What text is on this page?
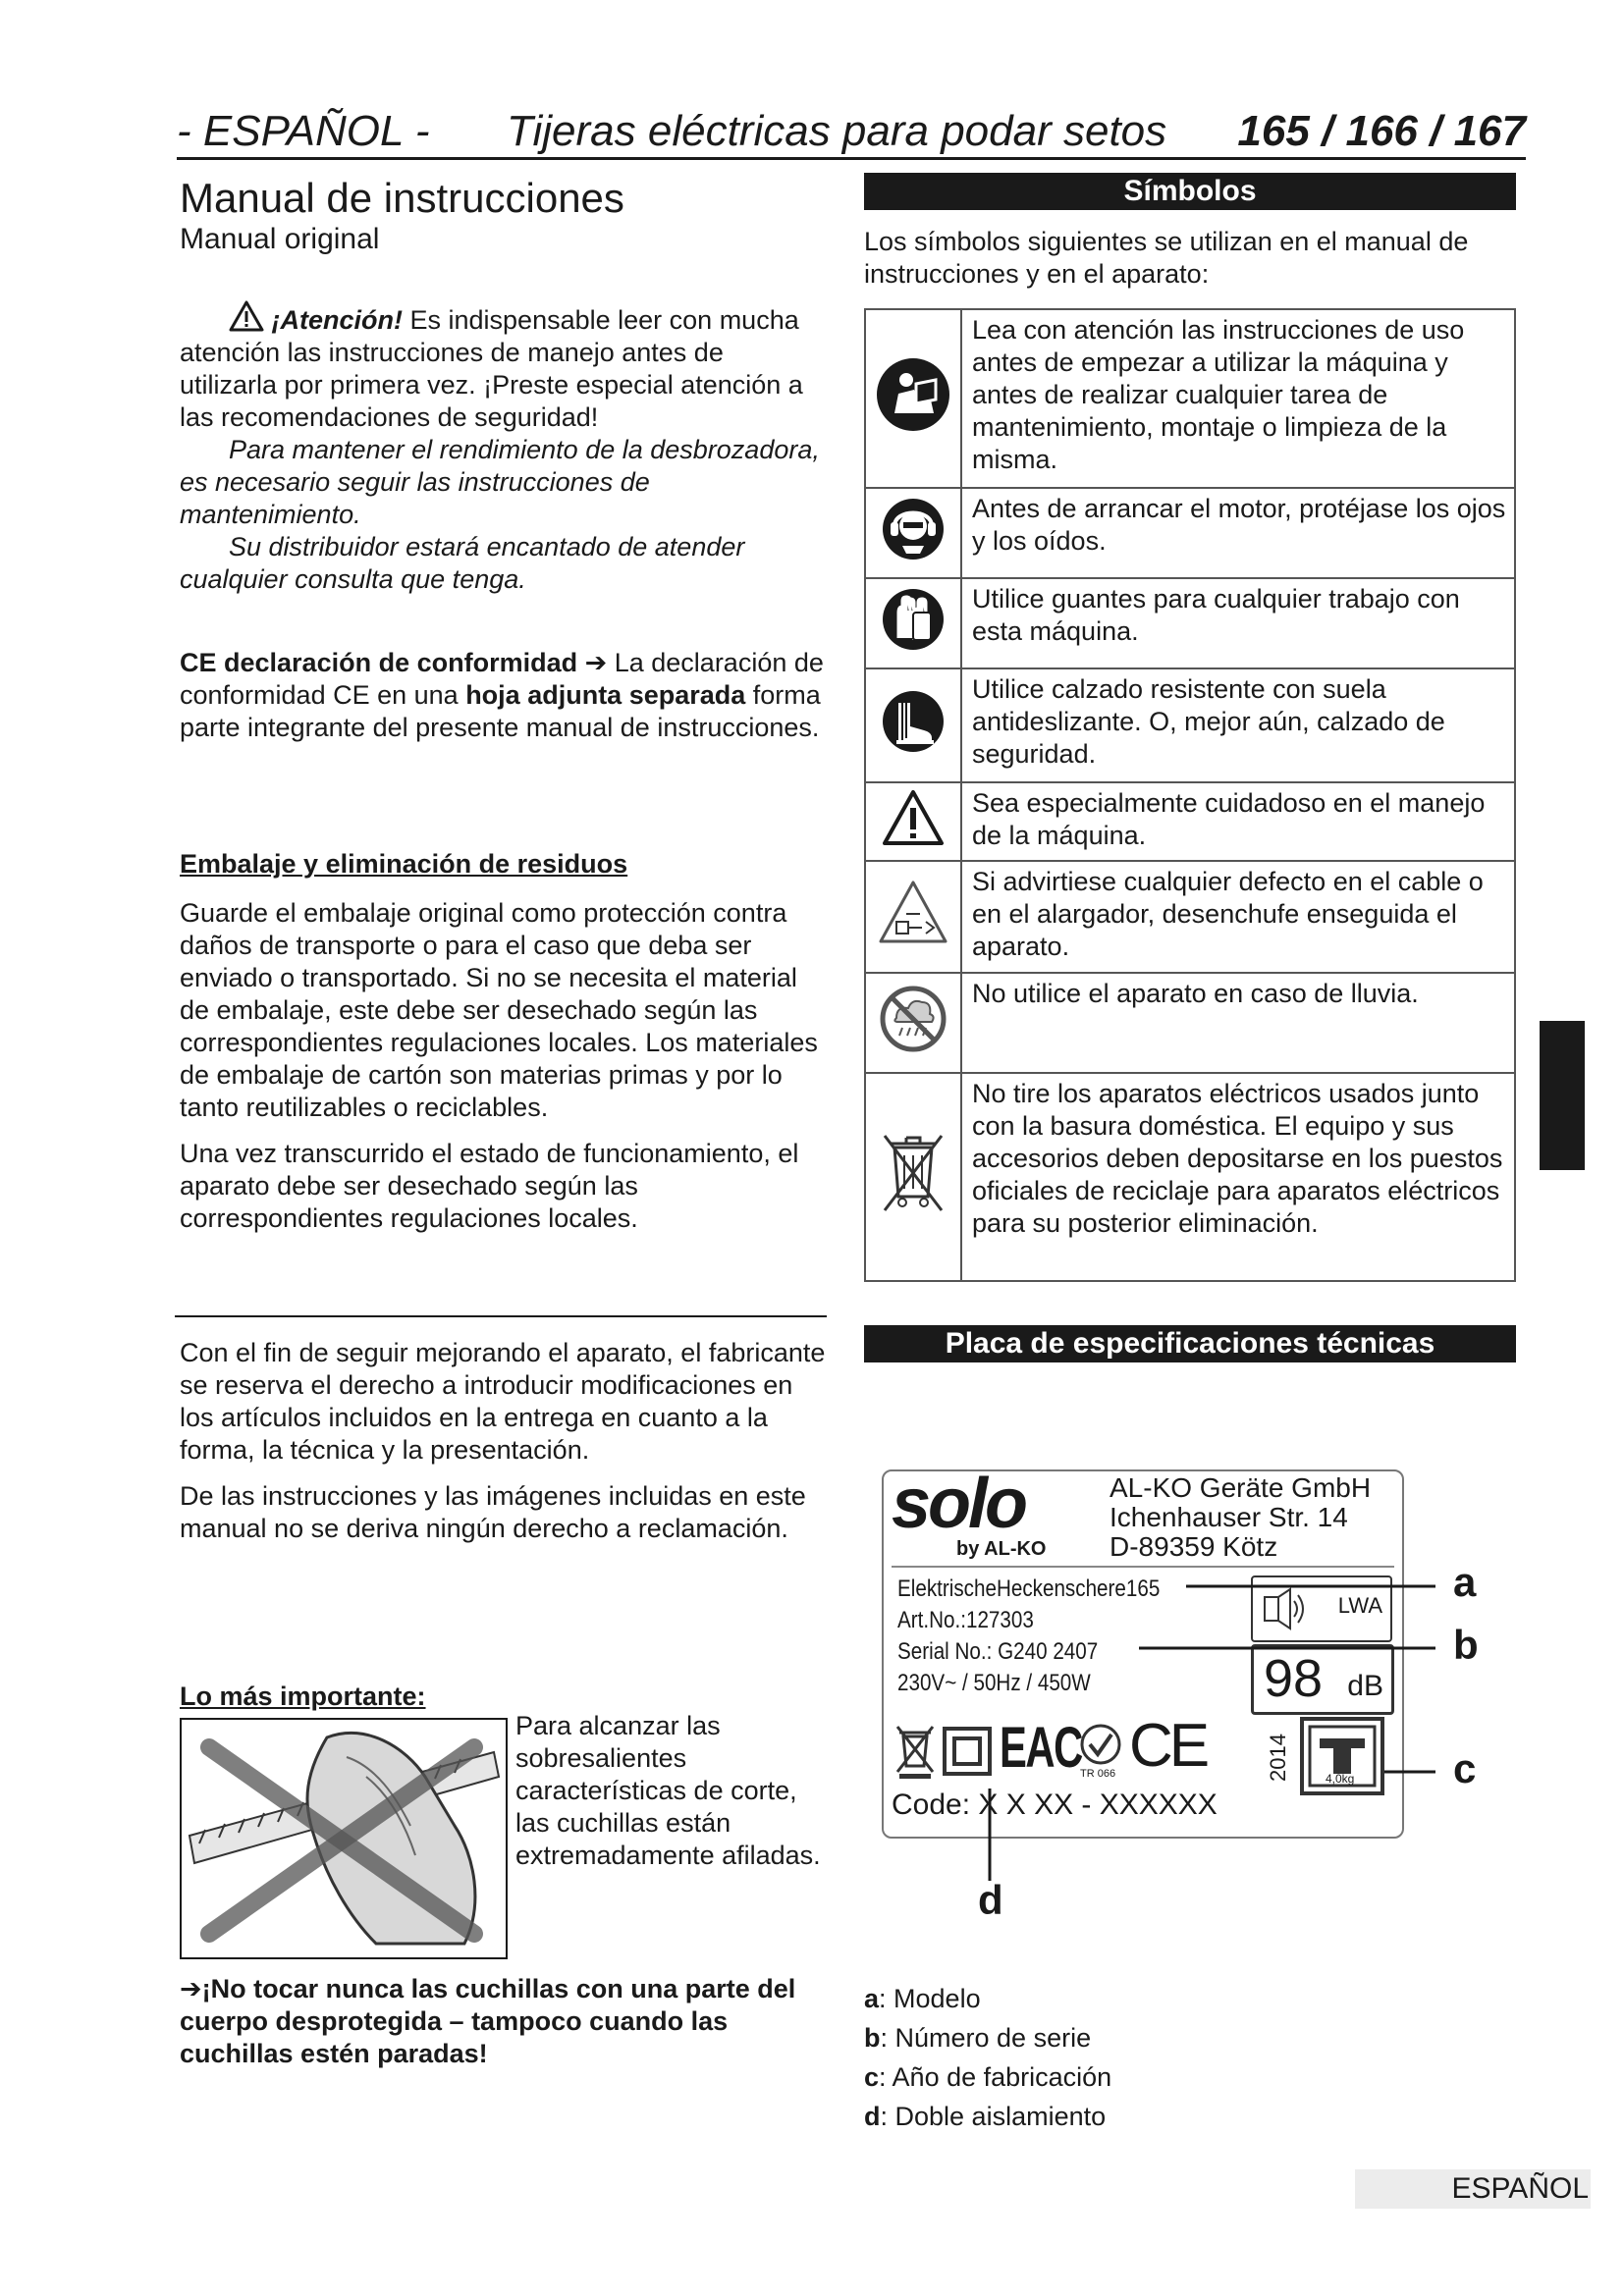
- ESPAÑOL - Tijeras eléctricas para podar setos 165 / 166 / 167
Manual de instrucciones
Manual original

¡Atención! Es indispensable leer con mucha atención las instrucciones de manejo antes de utilizarla por primera vez. ¡Preste especial atención a las recomendaciones de seguridad!

Para mantener el rendimiento de la desbrozadora, es necesario seguir las instrucciones de mantenimiento.

Su distribuidor estará encantado de atender cualquier consulta que tenga.

CE declaración de conformidad ➔ La declaración de conformidad CE en una hoja adjunta separada forma parte integrante del presente manual de instrucciones.

Embalaje y eliminación de residuos

Guarde el embalaje original como protección contra daños de transporte o para el caso que deba ser enviado o transportado. Si no se necesita el material de embalaje, este debe ser desechado según las correspondientes regulaciones locales. Los materiales de embalaje de cartón son materias primas y por lo tanto reutilizables o reciclables.

Una vez transcurrido el estado de funcionamiento, el aparato debe ser desechado según las correspondientes regulaciones locales.

Con el fin de seguir mejorando el aparato, el fabricante se reserva el derecho a introducir modificaciones en los artículos incluidos en la entrega en cuanto a la forma, la técnica y la presentación.

De las instrucciones y las imágenes incluidas en este manual no se deriva ningún derecho a reclamación.

Lo más importante:
Para alcanzar las sobresalientes características de corte, las cuchillas están extremadamente afiladas.
➔¡No tocar nunca las cuchillas con una parte del cuerpo desprotegida – tampoco cuando las cuchillas estén paradas!
Símbolos
Los símbolos siguientes se utilizan en el manual de instrucciones y en el aparato:
	Lea con atención las instrucciones de uso antes de empezar a utilizar la máquina y antes de realizar cualquier tarea de mantenimiento, montaje o limpieza de la misma.
	Antes de arrancar el motor, protéjase los ojos y los oídos.
	Utilice guantes para cualquier trabajo con esta máquina.
	Utilice calzado resistente con suela antideslizante. O, mejor aún, calzado de seguridad.
	Sea especialmente cuidadoso en el manejo de la máquina.
	Si advirtiese cualquier defecto en el cable o en el alargador, desenchufe enseguida el aparato.
	No utilice el aparato en caso de lluvia.
	No tire los aparatos eléctricos usados junto con la basura doméstica. El equipo y sus accesorios deben depositarse en los puestos oficiales de reciclaje para aparatos eléctricos para su posterior eliminación.
Placa de especificaciones técnicas
solo
by AL-KO
AL-KO Geräte GmbH
Ichenhauser Str. 14
D-89359 Kötz
ElektrischeHeckenschere165
Art.No.:127303
Serial No.: G240 2407
230V~ / 50Hz / 450W
LWA
98 dB
EAC
TR 066 CE	2014	4,0kg
Code: X X XX - XXXXXX
a
b
c
d
a: Modelo
b: Número de serie
c: Año de fabricación
d: Doble aislamiento
ESPAÑOL
